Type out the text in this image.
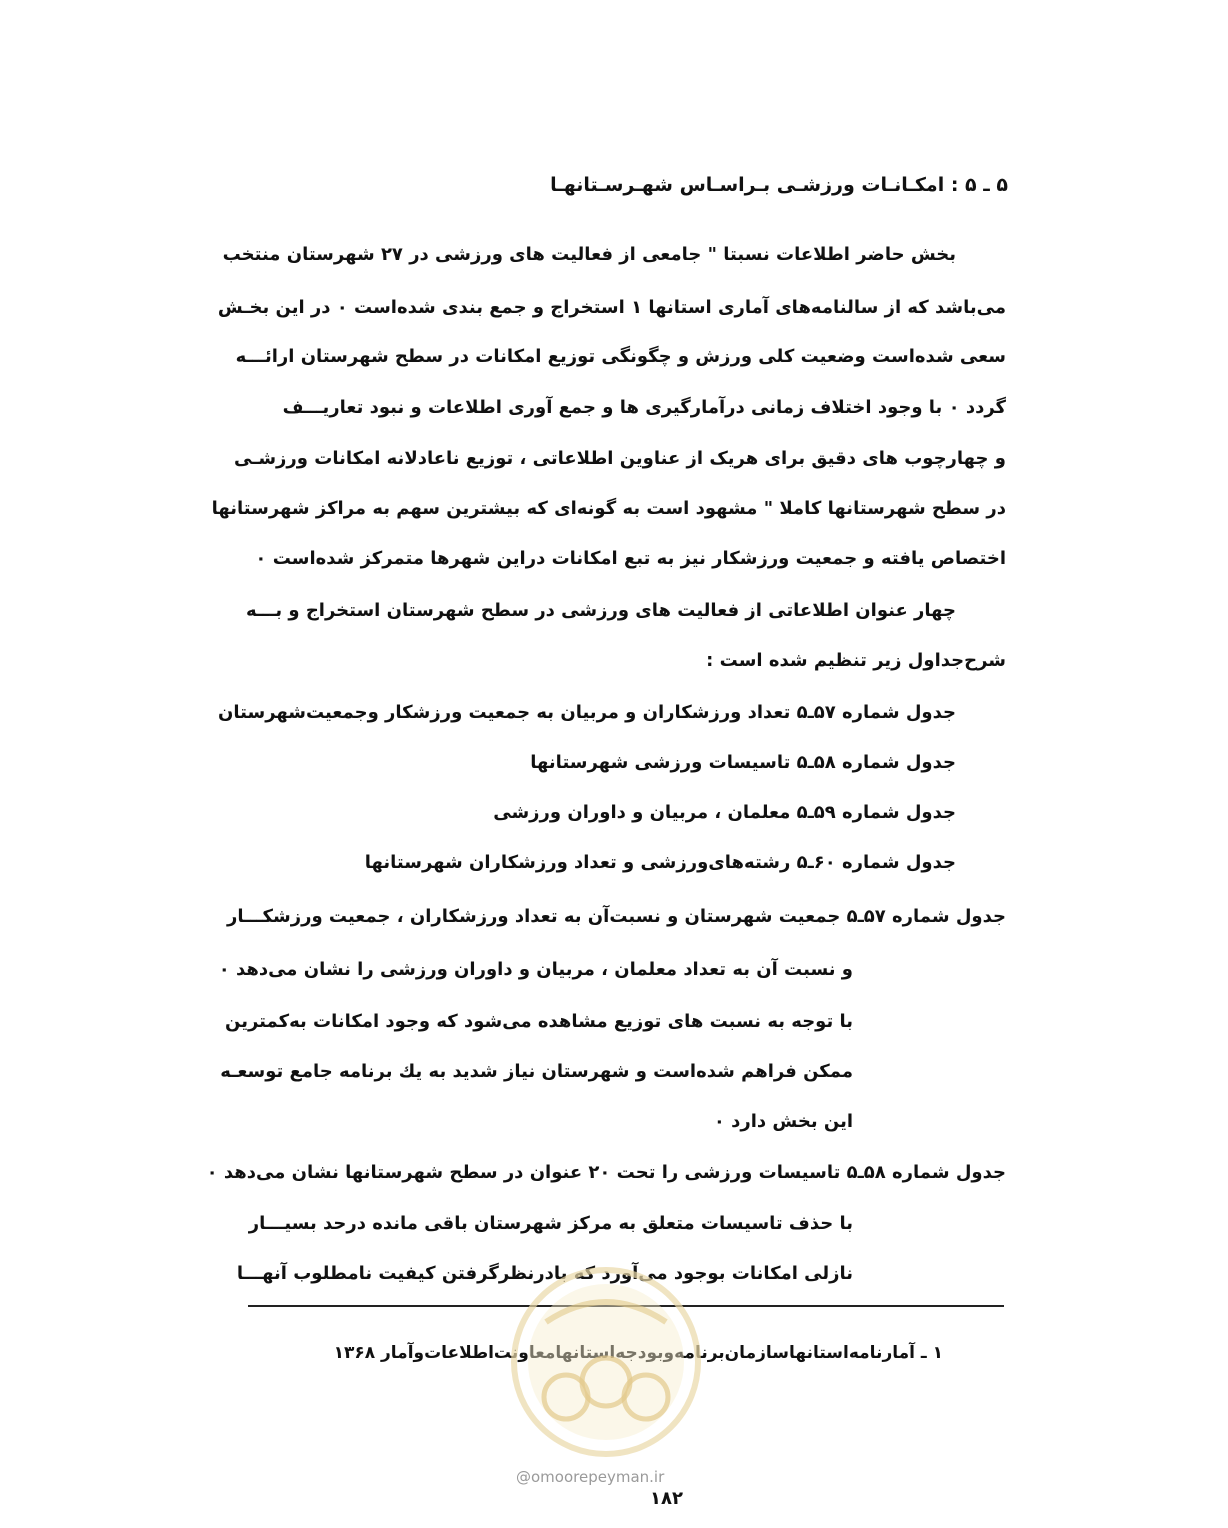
۵ ـ ۵ : امکـانـات ورزشـی بـراسـاس شهـرسـتانهـا
بخش حاضر اطلاعات نسبتا " جامعی از فعالیت های ورزشی در ۲۷ شهرستان منتخب
می‌باشد که از سالنامه‌های آماری استانها ۱ استخراج و جمع بندی شده‌است ۰ در این بخـش
سعی شده‌است وضعیت کلی ورزش و چگونگی توزیع امکانات در سطح شهرستان ارائـــه
گردد ۰ با وجود اختلاف زمانی درآمارگیری ها و جمع آوری اطلاعات و نبود تعاریـــف
و چهارچوب های دقیق برای هریک از عناوین اطلاعاتی ، توزیع ناعادلانه امکانات ورزشـی
در سطح شهرستانها کاملا " مشهود است به گونه‌ای که بیشترین سهم به مراکز شهرستانها
اختصاص یافته و جمعیت ورزشکار نیز به تبع امکانات دراین شهرها متمرکز شده‌است ۰
چهار عنوان اطلاعاتی از فعالیت های ورزشی در سطح شهرستان استخراج و بـــه
شرح‌جداول زیر تنظیم شده است :
جدول شماره ۵۷ـ۵ تعداد ورزشکاران و مربیان به جمعیت ورزشکار وجمعیت‌شهرستان
جدول شماره ۵۸ـ۵ تاسیسات ورزشی شهرستانها
جدول شماره ۵۹ـ۵ معلمان ، مربیان و داوران ورزشی
جدول شماره ۶۰ـ۵ رشته‌های‌ورزشی و تعداد ورزشکاران شهرستانها
جدول شماره ۵۷ـ۵ جمعیت شهرستان و نسبت‌آن به تعداد ورزشکاران ، جمعیت ورزشکـــار
و نسبت آن به تعداد معلمان ، مربیان و داوران ورزشی را نشان می‌دهد ۰
با توجه به نسبت های توزیع مشاهده می‌شود که وجود امکانات به‌کمترین
ممکن فراهم شده‌است و شهرستان نیاز شدید به یك برنامه جامع توسعـه
این بخش دارد ۰
جدول شماره ۵۸ـ۵ تاسیسات ورزشی را تحت ۲۰ عنوان در سطح شهرستانها نشان می‌دهد ۰
با حذف تاسیسات متعلق به مرکز شهرستان باقی مانده درحد بسیـــار
نازلی امکانات بوجود می‌آورد که بادرنظرگرفتن کیفیت نامطلوب آنهـــا
۱ ـ آمارنامه‌استانها‌سازمان‌برنامه‌وبودجه‌استانها‌معاونت‌اطلاعات‌وآمار ۱۳۶۸
@omoorepeyman.ir
۱۸۲
